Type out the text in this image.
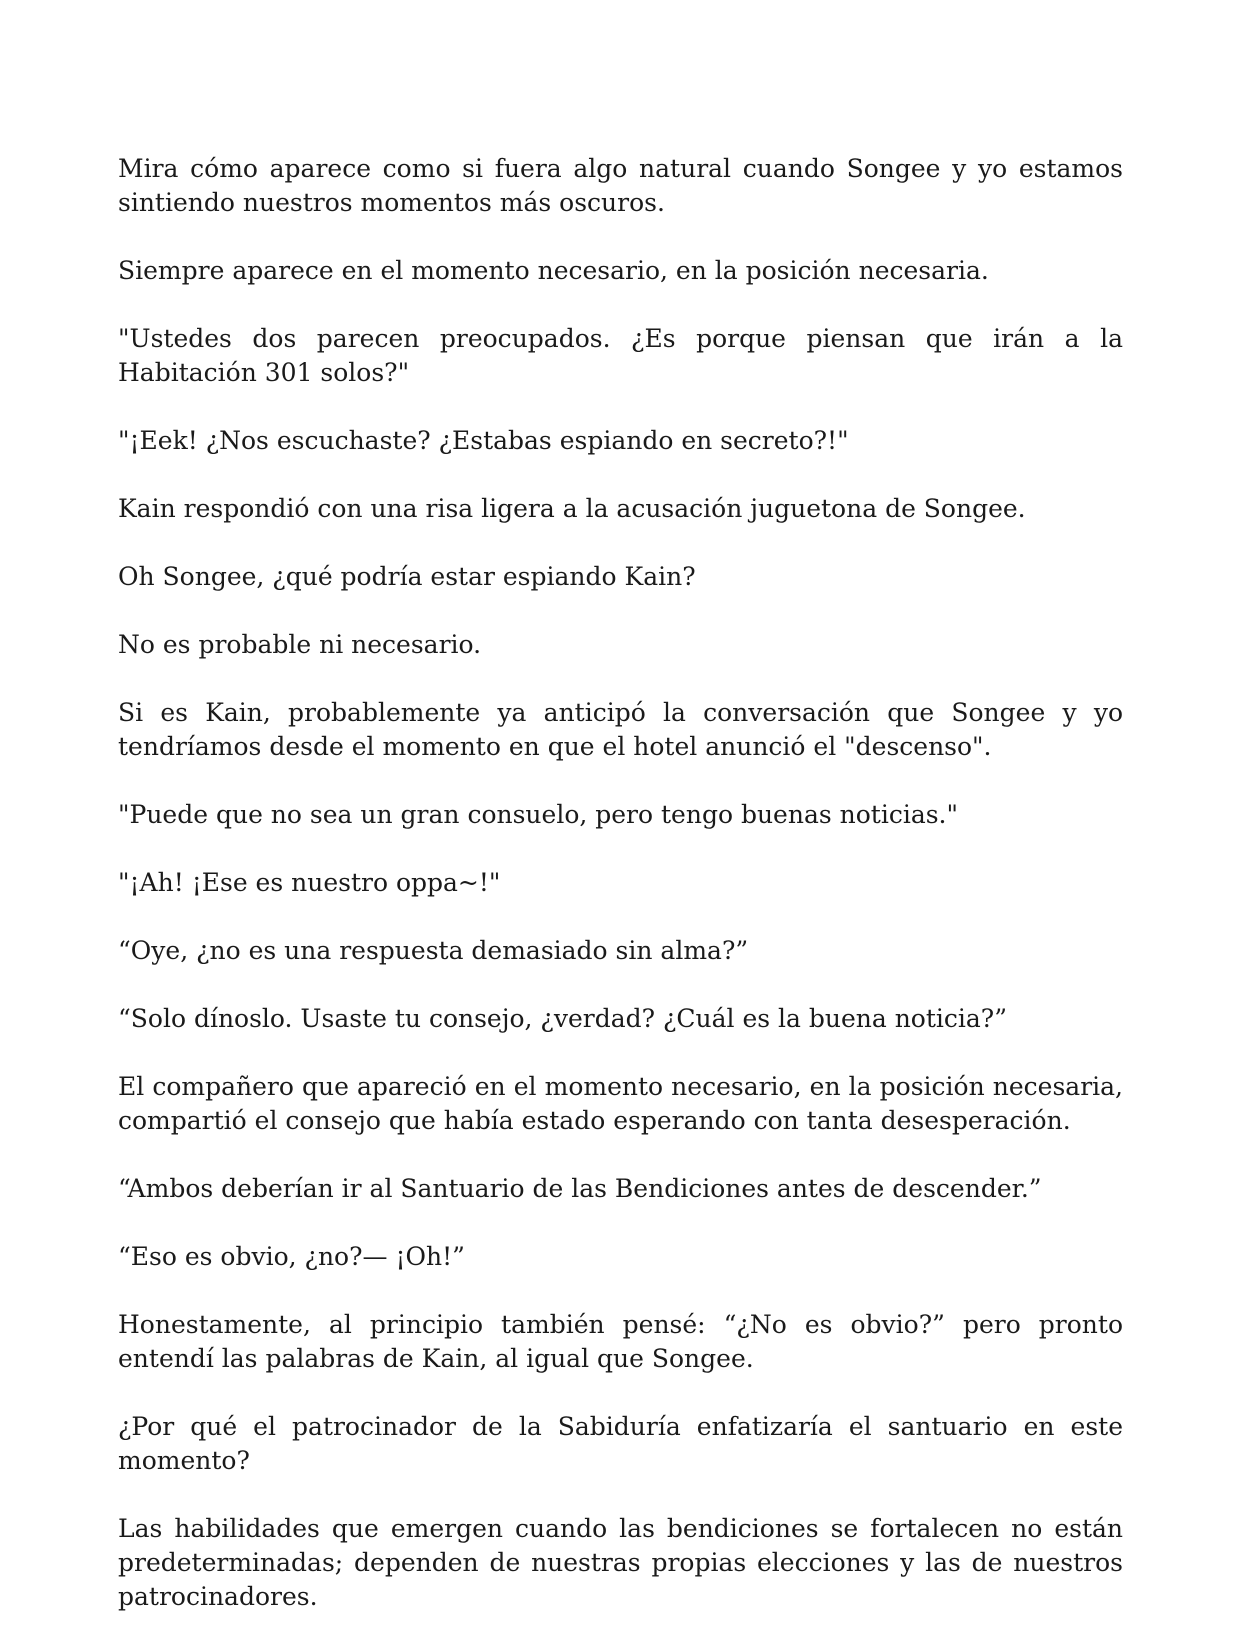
Mira cómo aparece como si fuera algo natural cuando Songee y yo estamos sintiendo nuestros momentos más oscuros.

Siempre aparece en el momento necesario, en la posición necesaria.

"Ustedes dos parecen preocupados. ¿Es porque piensan que irán a la Habitación 301 solos?"

"¡Eek! ¿Nos escuchaste? ¿Estabas espiando en secreto?!"

Kain respondió con una risa ligera a la acusación juguetona de Songee.

Oh Songee, ¿qué podría estar espiando Kain?

No es probable ni necesario.

Si es Kain, probablemente ya anticipó la conversación que Songee y yo tendríamos desde el momento en que el hotel anunció el "descenso".

"Puede que no sea un gran consuelo, pero tengo buenas noticias."

"¡Ah! ¡Ese es nuestro oppa~!"

“Oye, ¿no es una respuesta demasiado sin alma?”

“Solo dínoslo. Usaste tu consejo, ¿verdad? ¿Cuál es la buena noticia?”

El compañero que apareció en el momento necesario, en la posición necesaria, compartió el consejo que había estado esperando con tanta desesperación.

“Ambos deberían ir al Santuario de las Bendiciones antes de descender.”

“Eso es obvio, ¿no?— ¡Oh!”

Honestamente, al principio también pensé: “¿No es obvio?” pero pronto entendí las palabras de Kain, al igual que Songee.

¿Por qué el patrocinador de la Sabiduría enfatizaría el santuario en este momento?

Las habilidades que emergen cuando las bendiciones se fortalecen no están predeterminadas; dependen de nuestras propias elecciones y las de nuestros patrocinadores.
